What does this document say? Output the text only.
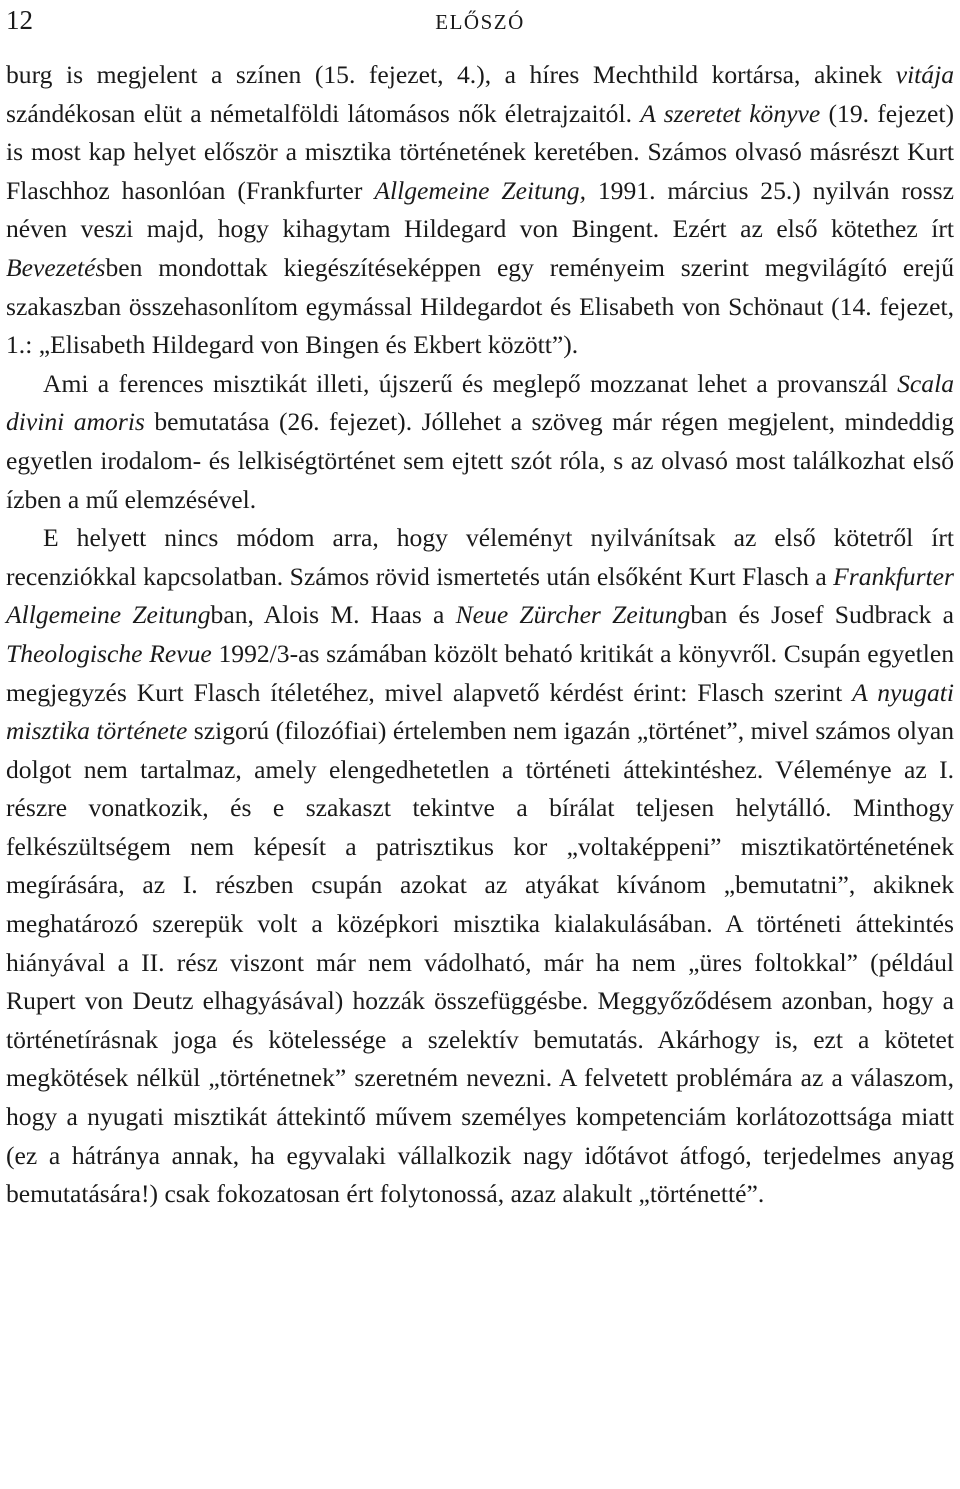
12	ELŐSZÓ

burg is megjelent a színen (15. fejezet, 4.), a híres Mechthild kortársa, akinek vitája szándékosan elüt a németalföldi látomásos nők életrajzaitól. A szeretet könyve (19. fejezet) is most kap helyet először a misztika történetének keretében. Számos olvasó másrészt Kurt Flaschhoz hasonlóan (Frankfurter Allgemeine Zeitung, 1991. március 25.) nyilván rossz néven veszi majd, hogy kihagytam Hildegard von Bingent. Ezért az első kötethez írt Bevezetésben mondottak kiegészítéseképpen egy reményeim szerint megvilágító erejű szakaszban összehasonlítom egymással Hildegardot és Elisabeth von Schönaut (14. fejezet, 1.: „Elisabeth Hildegard von Bingen és Ekbert között”).

Ami a ferences misztikát illeti, újszerű és meglepő mozzanat lehet a provanszál Scala divini amoris bemutatása (26. fejezet). Jóllehet a szöveg már régen megjelent, mindeddig egyetlen irodalom- és lelkiségtörténet sem ejtett szót róla, s az olvasó most találkozhat első ízben a mű elemzésével.

E helyett nincs módom arra, hogy véleményt nyilvánítsak az első kötetről írt recenziókkal kapcsolatban. Számos rövid ismertetés után elsőként Kurt Flasch a Frankfurter Allgemeine Zeitungban, Alois M. Haas a Neue Zürcher Zeitungban és Josef Sudbrack a Theologische Revue 1992/3-as számában közölt beható kritikát a könyvről. Csupán egyetlen megjegyzés Kurt Flasch ítéletéhez, mivel alapvető kérdést érint: Flasch szerint A nyugati misztika története szigorú (filozófiai) értelemben nem igazán „történet”, mivel számos olyan dolgot nem tartalmaz, amely elengedhetetlen a történeti áttekintéshez. Véleménye az I. részre vonatkozik, és e szakaszt tekintve a bírálat teljesen helytálló. Minthogy felkészültségem nem képesít a patrisztikus kor „voltaképpeni” misztikatörténetének megírására, az I. részben csupán azokat az atyákat kívánom „bemutatni”, akiknek meghatározó szerepük volt a középkori misztika kialakulásában. A történeti áttekintés hiányával a II. rész viszont már nem vádolható, már ha nem „üres foltokkal” (például Rupert von Deutz elhagyásával) hozzák összefüggésbe. Meggyőződésem azonban, hogy a történetírásnak joga és kötelessége a szelektív bemutatás. Akárhogy is, ezt a kötetet megkötések nélkül „történetnek” szeretném nevezni. A felvetett problémára az a válaszom, hogy a nyugati misztikát áttekintő művem személyes kompetenciám korlátozottsága miatt (ez a hátránya annak, ha egyvalaki vállalkozik nagy időtávot átfogó, terjedelmes anyag bemutatására!) csak fokozatosan ért folytonossá, azaz alakult „történetté”.
